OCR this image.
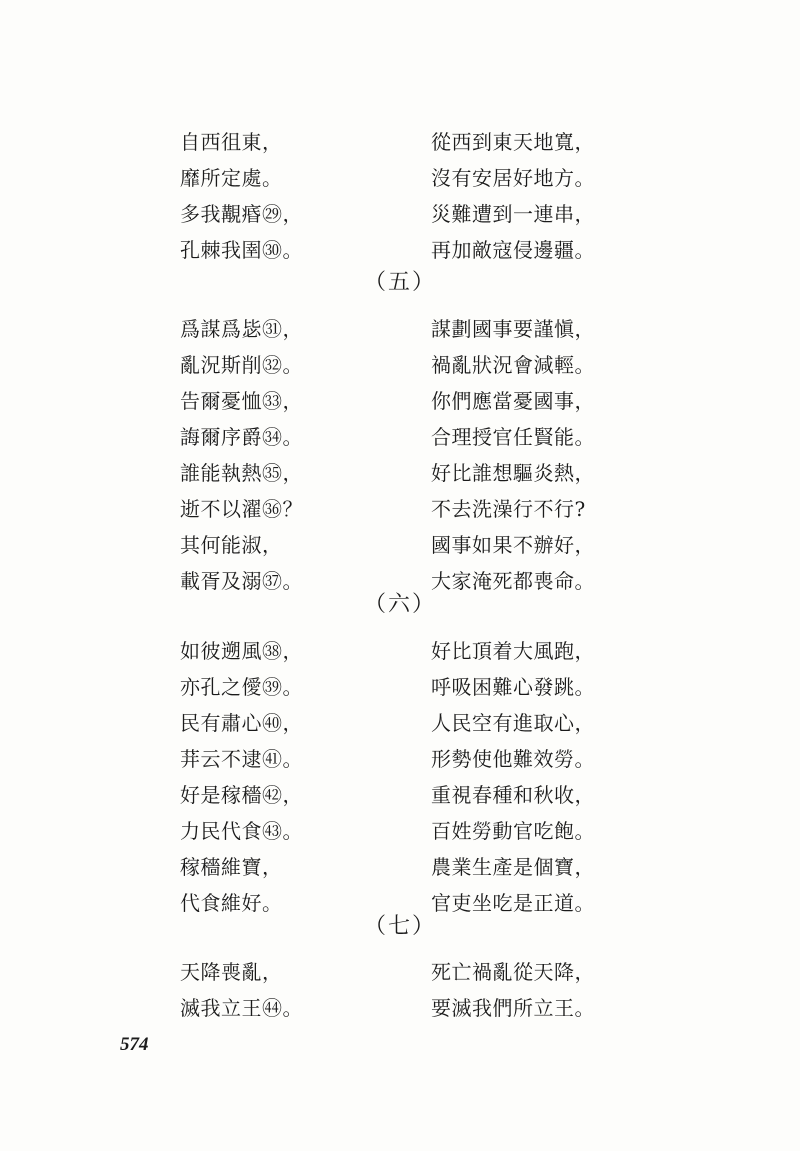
自西徂東，	從西到東天地寬，
靡所定處。	沒有安居好地方。
多我覯痻㉙，	災難遭到一連串，
孔棘我圉㉚。	再加敵寇侵邊疆。
（五）
爲謀爲毖㉛，	謀劃國事要謹愼，
亂況斯削㉜。	禍亂狀況會減輕。
告爾憂恤㉝，	你們應當憂國事，
誨爾序爵㉞。	合理授官任賢能。
誰能執熱㉟，	好比誰想驅炎熱，
逝不以濯㊱？	不去洗澡行不行?
其何能淑，	國事如果不辦好，
載胥及溺㊲。	大家淹死都喪命。
（六）
如彼遡風㊳，	好比頂着大風跑，
亦孔之僾㊴。	呼吸困難心發跳。
民有肅心㊵，	人民空有進取心，
荓云不逮㊶。	形勢使他難效勞。
好是稼穡㊷，	重視春種和秋收，
力民代食㊸。	百姓勞動官吃飽。
稼穡維寶，	農業生產是個寶，
代食維好。	官吏坐吃是正道。
（七）
天降喪亂，	死亡禍亂從天降，
滅我立王㊹。	要滅我們所立王。
574
